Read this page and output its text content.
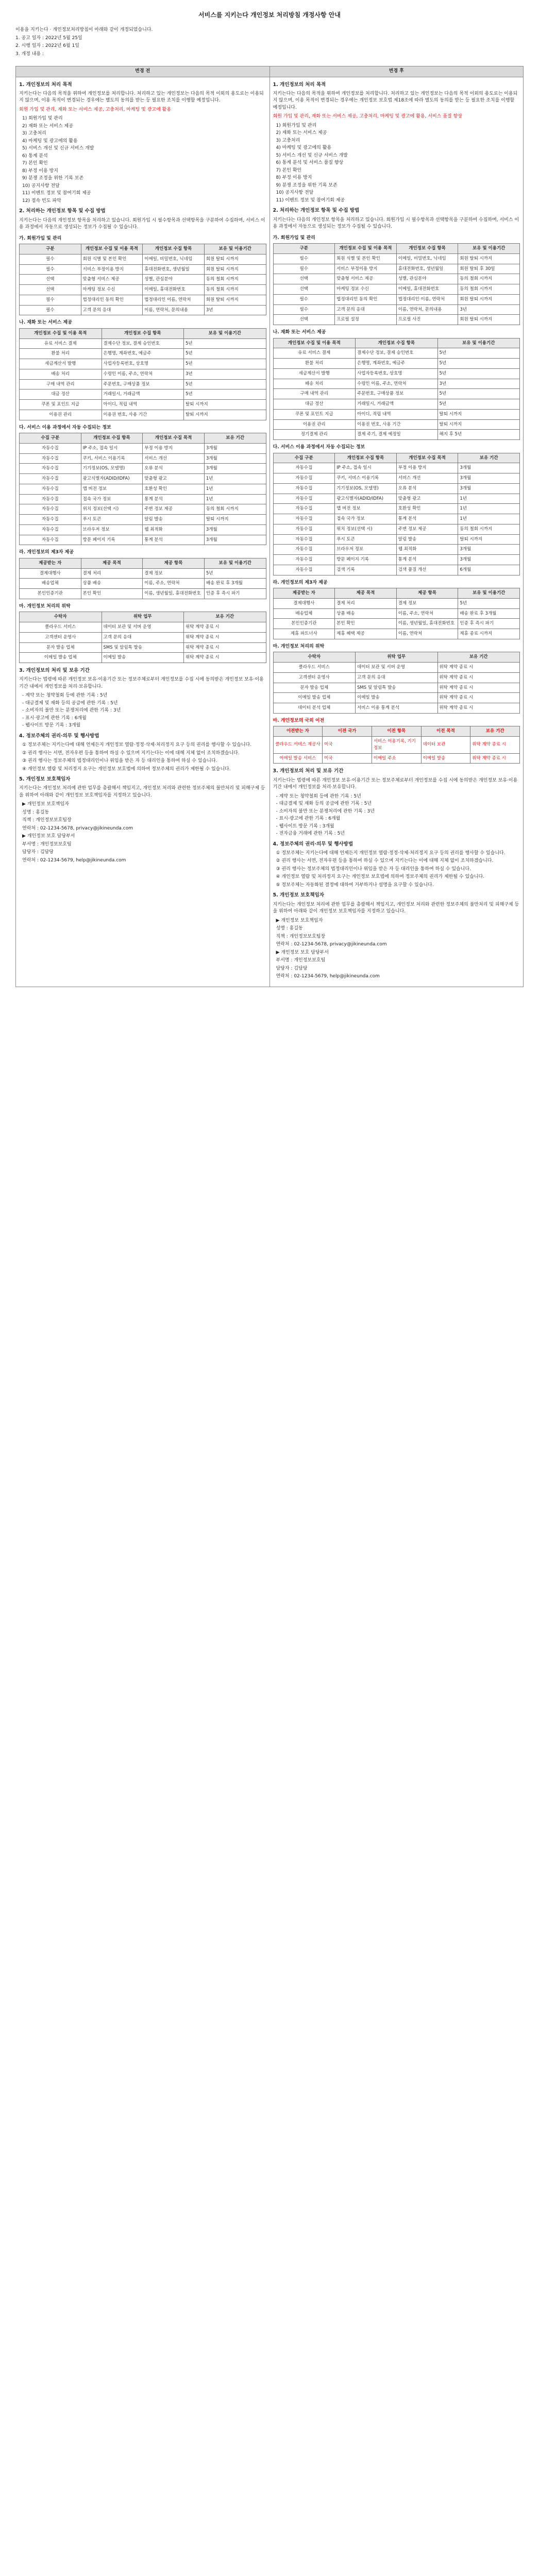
서비스를 지키는다 개인정보 처리방침 개정사항 안내

이용을 지키는다 · 개인정보처리방침이 아래와 같이 개정되었습니다.

1. 공고 일자 : 2022년 5월 25일

2. 시행 일자 : 2022년 6월 1일

3. 개정 내용 :

변경 전	변경 후

1. 개인정보의 처리 목적
지키는다는 다음의 목적을 위하여 개인정보를 처리합니다. 처리하고 있는 개인정보는 다음의 목적 이외의 용도로는 이용되지 않으며, 이용 목적이 변경되는 경우에는 별도의 동의를 받는 등 필요한 조치를 이행할 예정입니다.
회원 가입 및 관리, 재화 또는 서비스 제공, 고충처리, 마케팅 및 광고에 활용
1) 회원가입 및 관리
2) 재화 또는 서비스 제공
3) 고충처리
4) 마케팅 및 광고에의 활용
5) 서비스 개선 및 신규 서비스 개발
6) 통계 분석
7) 본인 확인
8) 부정 이용 방지
9) 분쟁 조정을 위한 기록 보존
10) 공지사항 전달
11) 이벤트 정보 및 참여기회 제공
12) 접속 빈도 파악
2. 처리하는 개인정보 항목 및 수집 방법
지키는다는 다음의 개인정보 항목을 처리하고 있습니다. 회원가입 시 필수항목과 선택항목을 구분하여 수집하며, 서비스 이용 과정에서 자동으로 생성되는 정보가 수집될 수 있습니다.
가. 회원가입 및 관리
구분	개인정보 수집 및 이용 목적	개인정보 수집 항목	보유 및 이용기간
필수	회원 식별 및 본인 확인	이메일, 비밀번호, 닉네임	회원 탈퇴 시까지
필수	서비스 부정이용 방지	휴대전화번호, 생년월일	회원 탈퇴 시까지
선택	맞춤형 서비스 제공	성별, 관심분야	동의 철회 시까지
선택	마케팅 정보 수신	이메일, 휴대전화번호	동의 철회 시까지
필수	법정대리인 동의 확인	법정대리인 이름, 연락처	회원 탈퇴 시까지
필수	고객 문의 응대	이름, 연락처, 문의내용	3년
나. 재화 또는 서비스 제공
개인정보 수집 및 이용 목적	개인정보 수집 항목	보유 및 이용기간
유료 서비스 결제	결제수단 정보, 결제 승인번호	5년
환불 처리	은행명, 계좌번호, 예금주	5년
세금계산서 발행	사업자등록번호, 상호명	5년
배송 처리	수령인 이름, 주소, 연락처	3년
구매 내역 관리	주문번호, 구매상품 정보	5년
대금 정산	거래일시, 거래금액	5년
쿠폰 및 포인트 지급	아이디, 적립 내역	탈퇴 시까지
이용권 관리	이용권 번호, 사용 기간	탈퇴 시까지
다. 서비스 이용 과정에서 자동 수집되는 정보
수집 구분	개인정보 수집 항목	개인정보 수집 목적	보유 기간
자동수집	IP 주소, 접속 일시	부정 이용 방지	3개월
자동수집	쿠키, 서비스 이용기록	서비스 개선	3개월
자동수집	기기정보(OS, 모델명)	오류 분석	3개월
자동수집	광고식별자(ADID/IDFA)	맞춤형 광고	1년
자동수집	앱 버전 정보	호환성 확인	1년
자동수집	접속 국가 정보	통계 분석	1년
자동수집	위치 정보(선택 시)	주변 정보 제공	동의 철회 시까지
자동수집	푸시 토큰	알림 발송	탈퇴 시까지
자동수집	브라우저 정보	웹 최적화	3개월
자동수집	방문 페이지 기록	통계 분석	3개월
라. 개인정보의 제3자 제공
제공받는 자	제공 목적	제공 항목	보유 및 이용기간
결제대행사	결제 처리	결제 정보	5년
배송업체	상품 배송	이름, 주소, 연락처	배송 완료 후 3개월
본인인증기관	본인 확인	이름, 생년월일, 휴대전화번호	인증 후 즉시 파기
마. 개인정보 처리의 위탁
수탁자	위탁 업무	보유 기간
클라우드 서비스	데이터 보관 및 서버 운영	위탁 계약 종료 시
고객센터 운영사	고객 문의 응대	위탁 계약 종료 시
문자 발송 업체	SMS 및 알림톡 발송	위탁 계약 종료 시
이메일 발송 업체	이메일 발송	위탁 계약 종료 시
3. 개인정보의 처리 및 보유 기간
지키는다는 법령에 따른 개인정보 보유·이용기간 또는 정보주체로부터 개인정보를 수집 시에 동의받은 개인정보 보유·이용기간 내에서 개인정보를 처리·보유합니다.
- 계약 또는 청약철회 등에 관한 기록 : 5년
- 대금결제 및 재화 등의 공급에 관한 기록 : 5년
- 소비자의 불만 또는 분쟁처리에 관한 기록 : 3년
- 표시·광고에 관한 기록 : 6개월
- 웹사이트 방문 기록 : 3개월
4. 정보주체의 권리·의무 및 행사방법
① 정보주체는 지키는다에 대해 언제든지 개인정보 열람·정정·삭제·처리정지 요구 등의 권리를 행사할 수 있습니다.
② 권리 행사는 서면, 전자우편 등을 통하여 하실 수 있으며 지키는다는 이에 대해 지체 없이 조치하겠습니다.
③ 권리 행사는 정보주체의 법정대리인이나 위임을 받은 자 등 대리인을 통하여 하실 수 있습니다.
④ 개인정보 열람 및 처리정지 요구는 개인정보 보호법에 의하여 정보주체의 권리가 제한될 수 있습니다.
5. 개인정보 보호책임자
지키는다는 개인정보 처리에 관한 업무를 총괄해서 책임지고, 개인정보 처리와 관련한 정보주체의 불만처리 및 피해구제 등을 위하여 아래와 같이 개인정보 보호책임자를 지정하고 있습니다.
▶ 개인정보 보호책임자
성명 : 홍길동
직책 : 개인정보보호팀장
연락처 : 02-1234-5678, privacy@jikineunda.com
▶ 개인정보 보호 담당부서
부서명 : 개인정보보호팀
담당자 : 김담당
연락처 : 02-1234-5679, help@jikineunda.com

1. 개인정보의 처리 목적
지키는다는 다음의 목적을 위하여 개인정보를 처리합니다. 처리하고 있는 개인정보는 다음의 목적 이외의 용도로는 이용되지 않으며, 이용 목적이 변경되는 경우에는 개인정보 보호법 제18조에 따라 별도의 동의를 받는 등 필요한 조치를 이행할 예정입니다.
회원 가입 및 관리, 재화 또는 서비스 제공, 고충처리, 마케팅 및 광고에 활용, 서비스 품질 향상
1) 회원가입 및 관리
2) 재화 또는 서비스 제공
3) 고충처리
4) 마케팅 및 광고에의 활용
5) 서비스 개선 및 신규 서비스 개발
6) 통계 분석 및 서비스 품질 향상
7) 본인 확인
8) 부정 이용 방지
9) 분쟁 조정을 위한 기록 보존
10) 공지사항 전달
11) 이벤트 정보 및 참여기회 제공
2. 처리하는 개인정보 항목 및 수집 방법
지키는다는 다음의 개인정보 항목을 처리하고 있습니다. 회원가입 시 필수항목과 선택항목을 구분하여 수집하며, 서비스 이용 과정에서 자동으로 생성되는 정보가 수집될 수 있습니다.
가. 회원가입 및 관리
구분	개인정보 수집 및 이용 목적	개인정보 수집 항목	보유 및 이용기간
필수	회원 식별 및 본인 확인	이메일, 비밀번호, 닉네임	회원 탈퇴 시까지
필수	서비스 부정이용 방지	휴대전화번호, 생년월일	회원 탈퇴 후 30일
선택	맞춤형 서비스 제공	성별, 관심분야	동의 철회 시까지
선택	마케팅 정보 수신	이메일, 휴대전화번호	동의 철회 시까지
필수	법정대리인 동의 확인	법정대리인 이름, 연락처	회원 탈퇴 시까지
필수	고객 문의 응대	이름, 연락처, 문의내용	3년
선택	프로필 설정	프로필 사진	회원 탈퇴 시까지
나. 재화 또는 서비스 제공
개인정보 수집 및 이용 목적	개인정보 수집 항목	보유 및 이용기간
유료 서비스 결제	결제수단 정보, 결제 승인번호	5년
환불 처리	은행명, 계좌번호, 예금주	5년
세금계산서 발행	사업자등록번호, 상호명	5년
배송 처리	수령인 이름, 주소, 연락처	3년
구매 내역 관리	주문번호, 구매상품 정보	5년
대금 정산	거래일시, 거래금액	5년
쿠폰 및 포인트 지급	아이디, 적립 내역	탈퇴 시까지
이용권 관리	이용권 번호, 사용 기간	탈퇴 시까지
정기결제 관리	결제 주기, 결제 예정일	해지 후 5년
다. 서비스 이용 과정에서 자동 수집되는 정보
수집 구분	개인정보 수집 항목	개인정보 수집 목적	보유 기간
자동수집	IP 주소, 접속 일시	부정 이용 방지	3개월
자동수집	쿠키, 서비스 이용기록	서비스 개선	3개월
자동수집	기기정보(OS, 모델명)	오류 분석	3개월
자동수집	광고식별자(ADID/IDFA)	맞춤형 광고	1년
자동수집	앱 버전 정보	호환성 확인	1년
자동수집	접속 국가 정보	통계 분석	1년
자동수집	위치 정보(선택 시)	주변 정보 제공	동의 철회 시까지
자동수집	푸시 토큰	알림 발송	탈퇴 시까지
자동수집	브라우저 정보	웹 최적화	3개월
자동수집	방문 페이지 기록	통계 분석	3개월
자동수집	검색 기록	검색 품질 개선	6개월
라. 개인정보의 제3자 제공
제공받는 자	제공 목적	제공 항목	보유 및 이용기간
결제대행사	결제 처리	결제 정보	5년
배송업체	상품 배송	이름, 주소, 연락처	배송 완료 후 3개월
본인인증기관	본인 확인	이름, 생년월일, 휴대전화번호	인증 후 즉시 파기
제휴 파트너사	제휴 혜택 제공	이름, 연락처	제휴 종료 시까지
마. 개인정보 처리의 위탁
수탁자	위탁 업무	보유 기간
클라우드 서비스	데이터 보관 및 서버 운영	위탁 계약 종료 시
고객센터 운영사	고객 문의 응대	위탁 계약 종료 시
문자 발송 업체	SMS 및 알림톡 발송	위탁 계약 종료 시
이메일 발송 업체	이메일 발송	위탁 계약 종료 시
데이터 분석 업체	서비스 이용 통계 분석	위탁 계약 종료 시
바. 개인정보의 국외 이전
이전받는 자	이전 국가	이전 항목	이전 목적	보유 기간
클라우드 서비스 제공사	미국	서비스 이용기록, 기기정보	데이터 보관	위탁 계약 종료 시
이메일 발송 서비스	미국	이메일 주소	이메일 발송	위탁 계약 종료 시
3. 개인정보의 처리 및 보유 기간
지키는다는 법령에 따른 개인정보 보유·이용기간 또는 정보주체로부터 개인정보를 수집 시에 동의받은 개인정보 보유·이용기간 내에서 개인정보를 처리·보유합니다.
- 계약 또는 청약철회 등에 관한 기록 : 5년
- 대금결제 및 재화 등의 공급에 관한 기록 : 5년
- 소비자의 불만 또는 분쟁처리에 관한 기록 : 3년
- 표시·광고에 관한 기록 : 6개월
- 웹사이트 방문 기록 : 3개월
- 전자금융 거래에 관한 기록 : 5년
4. 정보주체의 권리·의무 및 행사방법
① 정보주체는 지키는다에 대해 언제든지 개인정보 열람·정정·삭제·처리정지 요구 등의 권리를 행사할 수 있습니다.
② 권리 행사는 서면, 전자우편 등을 통하여 하실 수 있으며 지키는다는 이에 대해 지체 없이 조치하겠습니다.
③ 권리 행사는 정보주체의 법정대리인이나 위임을 받은 자 등 대리인을 통하여 하실 수 있습니다.
④ 개인정보 열람 및 처리정지 요구는 개인정보 보호법에 의하여 정보주체의 권리가 제한될 수 있습니다.
⑤ 정보주체는 자동화된 결정에 대하여 거부하거나 설명을 요구할 수 있습니다.
5. 개인정보 보호책임자
지키는다는 개인정보 처리에 관한 업무를 총괄해서 책임지고, 개인정보 처리와 관련한 정보주체의 불만처리 및 피해구제 등을 위하여 아래와 같이 개인정보 보호책임자를 지정하고 있습니다.
▶ 개인정보 보호책임자
성명 : 홍길동
직책 : 개인정보보호팀장
연락처 : 02-1234-5678, privacy@jikineunda.com
▶ 개인정보 보호 담당부서
부서명 : 개인정보보호팀
담당자 : 김담당
연락처 : 02-1234-5679, help@jikineunda.com
